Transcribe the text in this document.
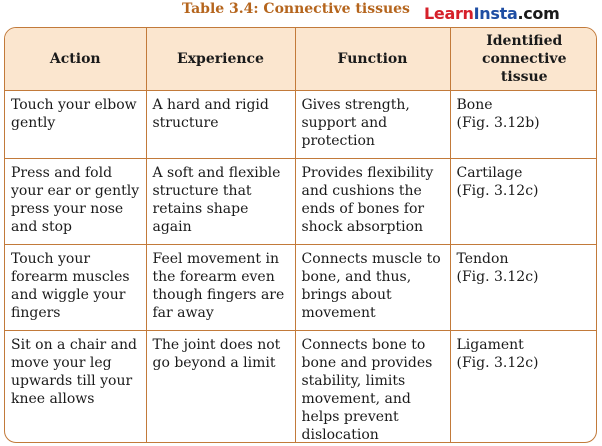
Table 3.4: Connective tissues LearnInsta.com
Action	Experience	Function	Identified connective tissue
Touch your elbow gently	A hard and rigid structure	Gives strength, support and protection	Bone
(Fig. 3.12b)

Press and fold your ear or gently press your nose and stop	A soft and flexible structure that retains shape again	Provides flexibility and cushions the ends of bones for shock absorption	Cartilage
(Fig. 3.12c)

Touch your forearm muscles and wiggle your fingers	Feel movement in the forearm even though fingers are far away	Connects muscle to bone, and thus, brings about movement	Tendon
(Fig. 3.12c)

Sit on a chair and move your leg upwards till your knee allows	The joint does not go beyond a limit	Connects bone to bone and provides stability, limits movement, and helps prevent dislocation	Ligament
(Fig. 3.12c)
